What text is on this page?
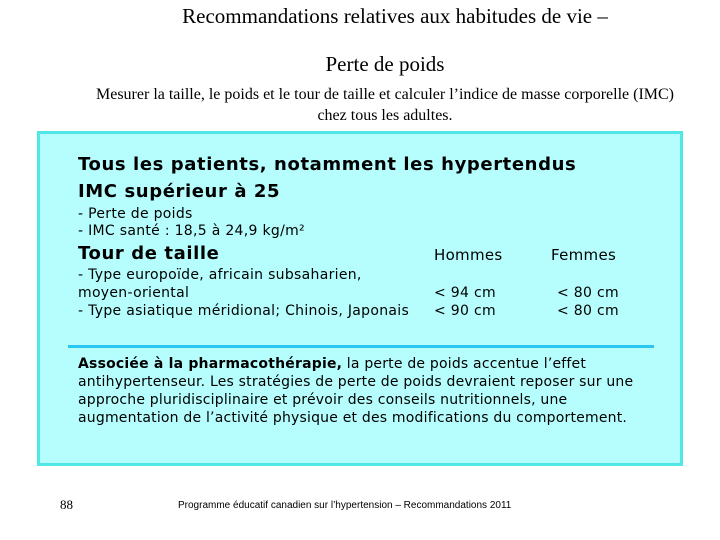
Recommandations relatives aux habitudes de vie –
Perte de poids
Mesurer la taille, le poids et le tour de taille et calculer l’indice de masse corporelle (IMC) chez tous les adultes.
Tous les patients, notamment les hypertendus
IMC supérieur à 25
- Perte de poids
- IMC santé : 18,5 à 24,9 kg/m²
Tour de taille	Hommes	Femmes
- Type europoïde, africain subsaharien,
moyen-oriental	< 94 cm	< 80 cm
- Type asiatique méridional; Chinois, Japonais < 90 cm	< 80 cm
Associée à la pharmacothérapie, la perte de poids accentue l’effet antihypertenseur. Les stratégies de perte de poids devraient reposer sur une approche pluridisciplinaire et prévoir des conseils nutritionnels, une augmentation de l’activité physique et des modifications du comportement.
88	Programme éducatif canadien sur l’hypertension – Recommandations 2011
